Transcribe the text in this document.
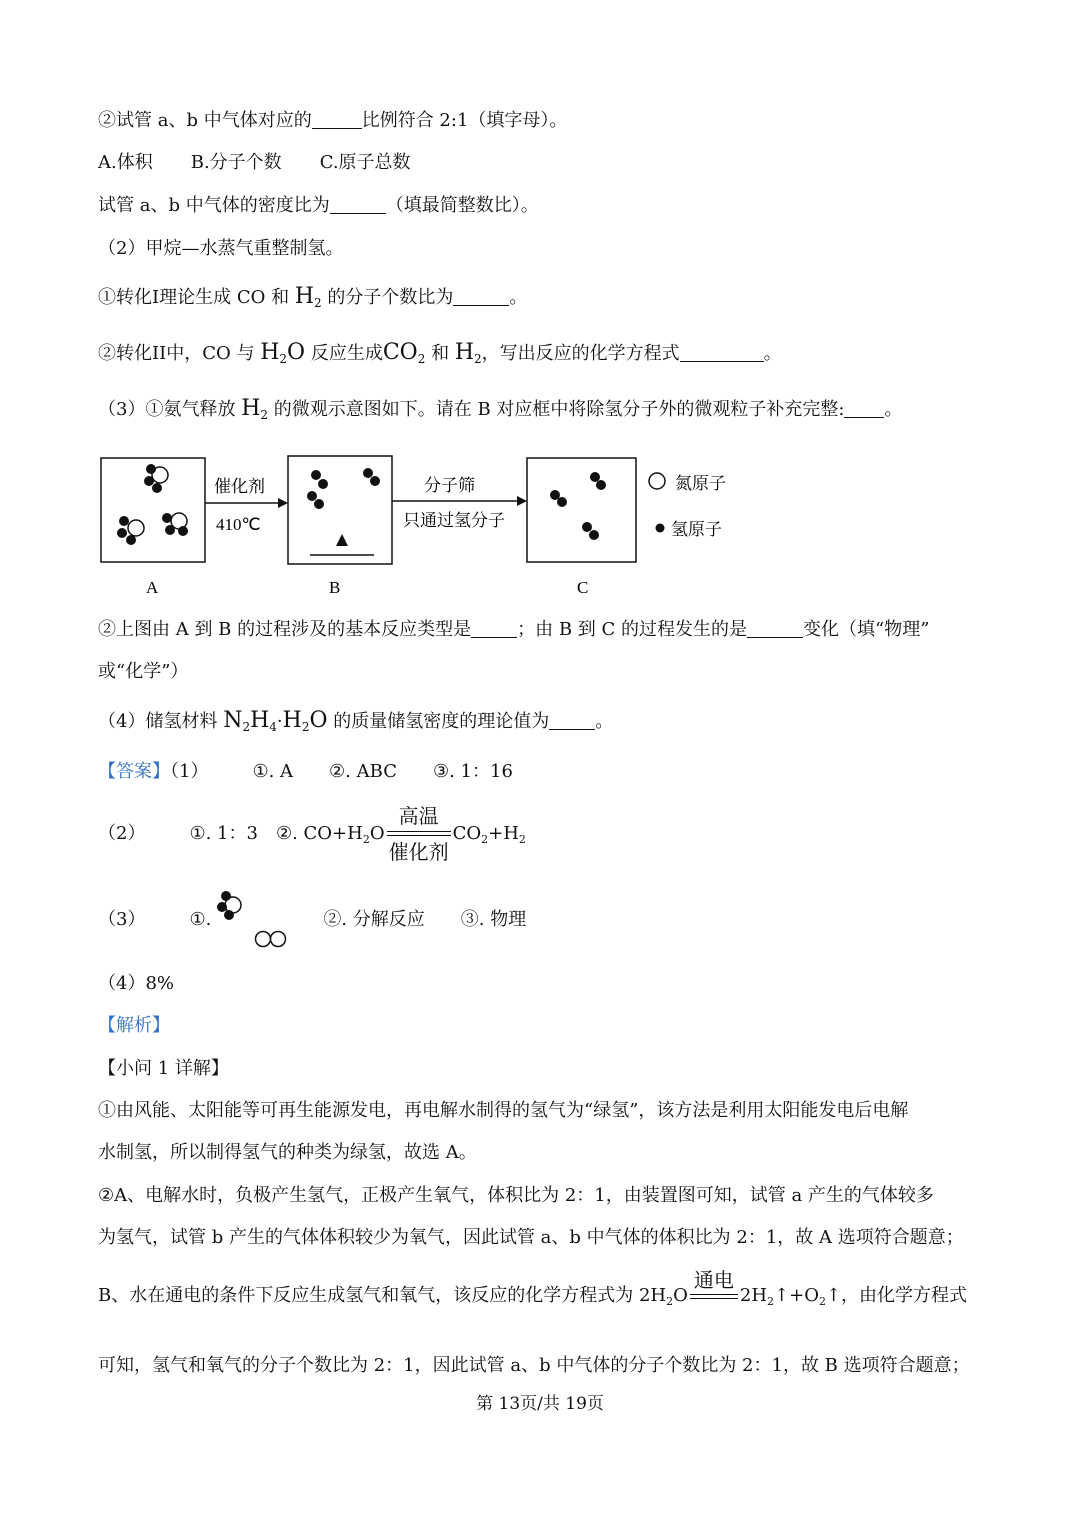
②试管 a、b 中气体对应的	比例符合 2:1（填字母）。
A.体积 B.分子个数 C.原子总数
试管 a、b 中气体的密度比为	（填最简整数比）。
（2）甲烷—水蒸气重整制氢。
①转化I理论生成 CO 和 $H_2$ 的分子个数比为	。
②转化II中，CO 与 $H_2O$ 反应生成$CO_2$ 和 $H_2$，写出反应的化学方程式	。
（3）①氨气释放 $H_2$ 的微观示意图如下。请在 B 对应框中将除氢分子外的微观粒子补充完整: 。
催化剂
410℃
分子筛
只通过氢分子
氮原子
氢原子
A	B	C
②上图由 A 到 B 的过程涉及的基本反应类型是	；由 B 到 C 的过程发生的是	变化（填“物理”
或“化学”）
（4）储氢材料 $N_2H_4\cdot H_2O$ 的质量储氢密度的理论值为	。
【答案】（1） ①. A ②. ABC ③. 1：16
（2） ①. 1：3 ②. $CO+H_2O$
高温
催化剂
$CO_2+H_2$
（3） ①.	②. 分解反应 ③. 物理
（4）8%
【解析】
【小问 1 详解】
①由风能、太阳能等可再生能源发电，再电解水制得的氢气为“绿氢”，该方法是利用太阳能发电后电解
水制氢，所以制得氢气的种类为绿氢，故选 A。
②A、电解水时，负极产生氢气，正极产生氧气，体积比为 2：1，由装置图可知，试管 a 产生的气体较多
为氢气，试管 b 产生的气体体积较少为氧气，因此试管 a、b 中气体的体积比为 2：1，故 A 选项符合题意；
B、水在通电的条件下反应生成氢气和氧气，该反应的化学方程式为 $2H_2O$
通电
$2H_2↑+O_2↑$，由化学方程式
可知，氢气和氧气的分子个数比为 2：1，因此试管 a、b 中气体的分子个数比为 2：1，故 B 选项符合题意；
第 13页/共 19页
